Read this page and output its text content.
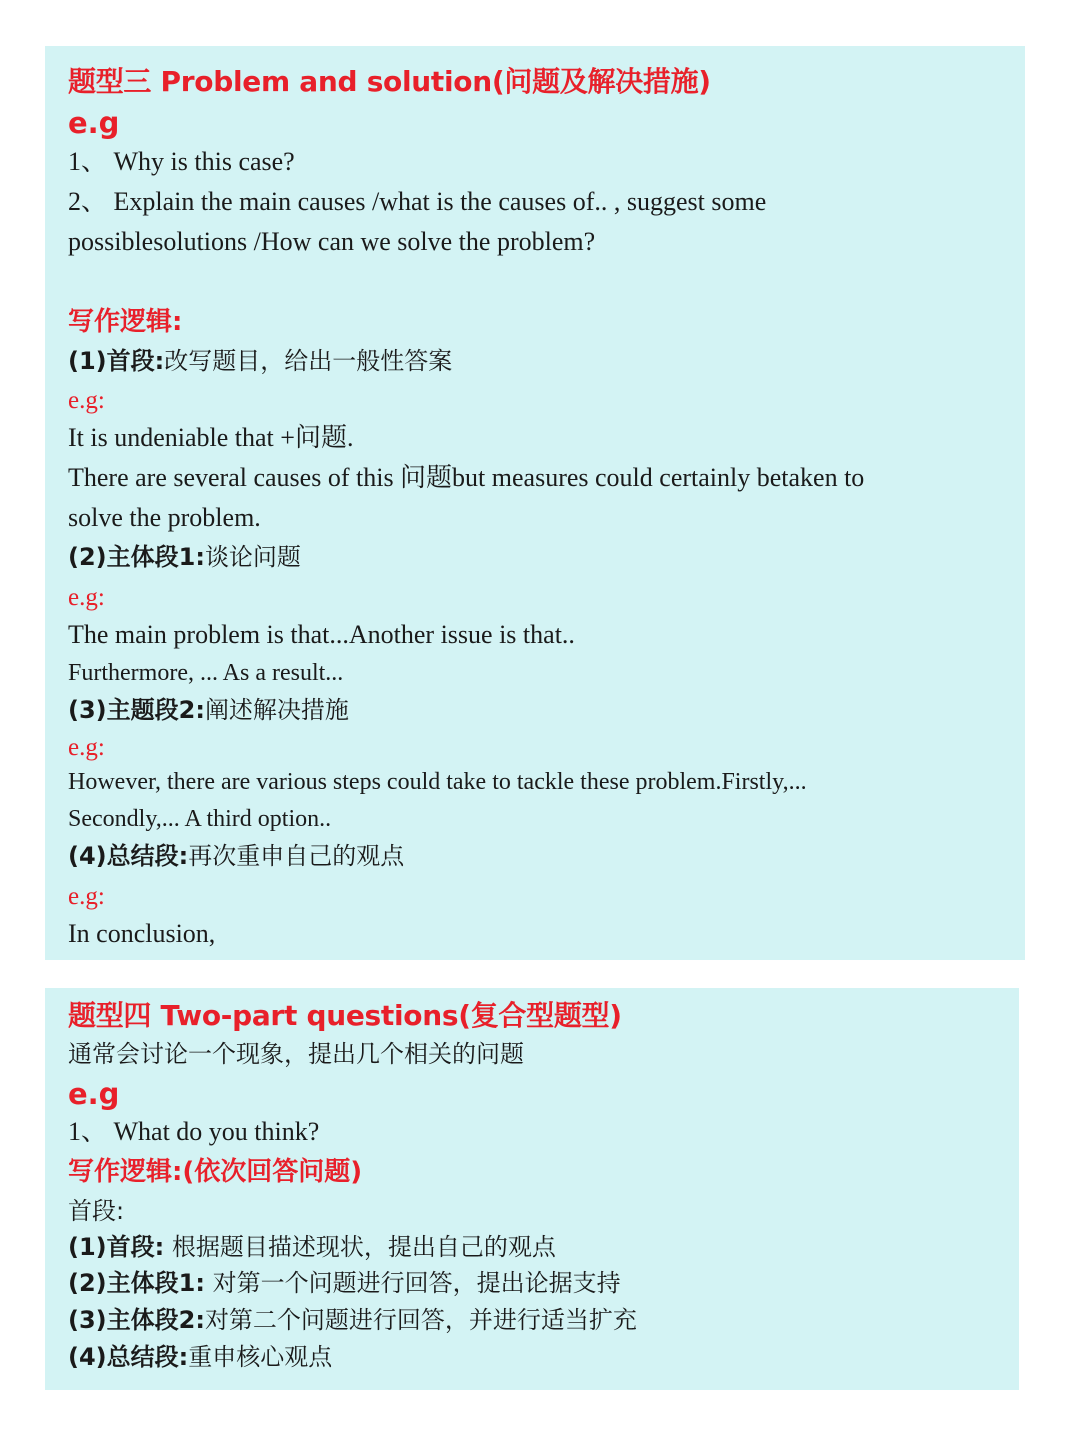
题型三 Problem and solution(问题及解决措施)
e.g
1、 Why is this case?
2、 Explain the main causes /what is the causes of.. , suggest some
possiblesolutions /How can we solve the problem?
写作逻辑:
(1)首段:改写题目，给出一般性答案
e.g:
It is undeniable that +问题.
There are several causes of this 问题but measures could certainly betaken to
solve the problem.
(2)主体段1:谈论问题
e.g:
The main problem is that...Another issue is that..
Furthermore, ... As a result...
(3)主题段2:阐述解决措施
e.g:
However, there are various steps could take to tackle these problem.Firstly,...
Secondly,... A third option..
(4)总结段:再次重申自己的观点
e.g:
In conclusion,
题型四 Two-part questions(复合型题型)
通常会讨论一个现象，提出几个相关的问题
e.g
1、 What do you think?
写作逻辑:(依次回答问题)
首段:
(1)首段: 根据题目描述现状，提出自己的观点
(2)主体段1: 对第一个问题进行回答，提出论据支持
(3)主体段2:对第二个问题进行回答，并进行适当扩充
(4)总结段:重申核心观点
